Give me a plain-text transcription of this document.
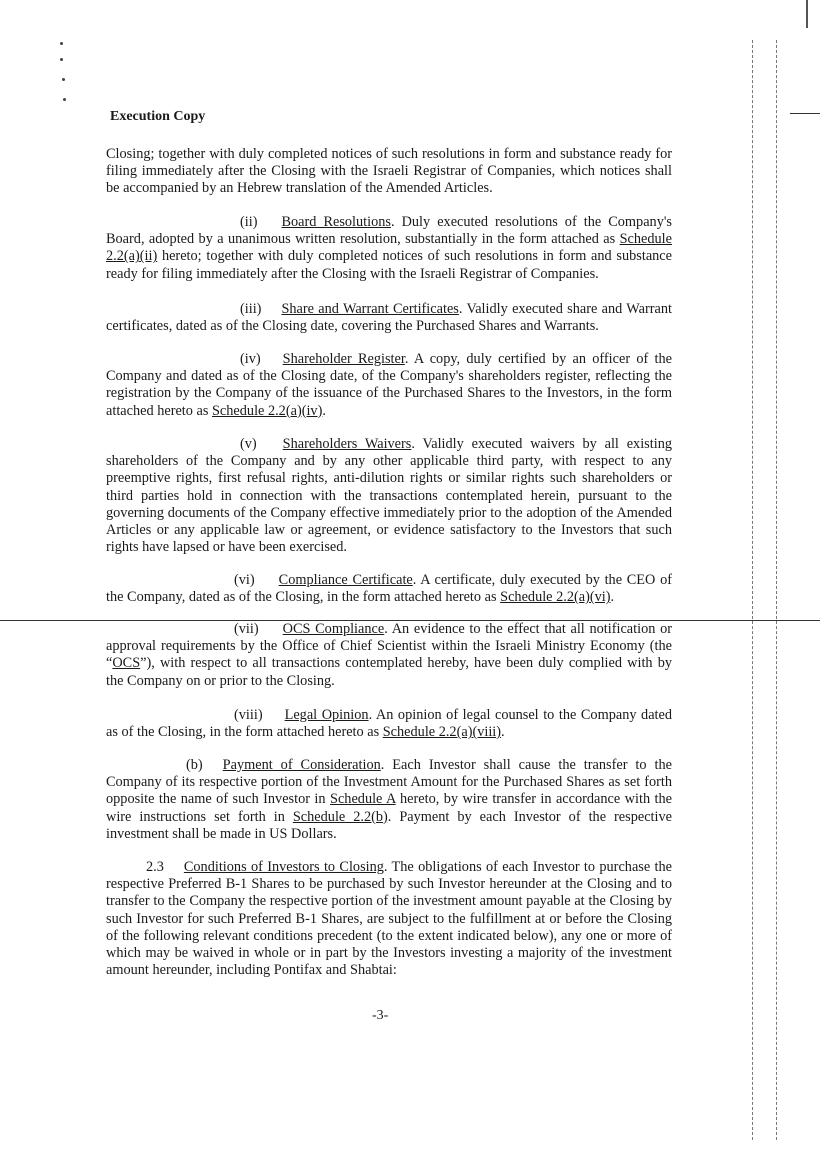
Execution Copy

Closing; together with duly completed notices of such resolutions in form and substance ready for filing immediately after the Closing with the Israeli Registrar of Companies, which notices shall be accompanied by an Hebrew translation of the Amended Articles.

(ii) Board Resolutions. Duly executed resolutions of the Company's Board, adopted by a unanimous written resolution, substantially in the form attached as Schedule 2.2(a)(ii) hereto; together with duly completed notices of such resolutions in form and substance ready for filing immediately after the Closing with the Israeli Registrar of Companies.

(iii) Share and Warrant Certificates. Validly executed share and Warrant certificates, dated as of the Closing date, covering the Purchased Shares and Warrants.

(iv) Shareholder Register. A copy, duly certified by an officer of the Company and dated as of the Closing date, of the Company's shareholders register, reflecting the registration by the Company of the issuance of the Purchased Shares to the Investors, in the form attached hereto as Schedule 2.2(a)(iv).

(v) Shareholders Waivers. Validly executed waivers by all existing shareholders of the Company and by any other applicable third party, with respect to any preemptive rights, first refusal rights, anti-dilution rights or similar rights such shareholders or third parties hold in connection with the transactions contemplated herein, pursuant to the governing documents of the Company effective immediately prior to the adoption of the Amended Articles or any applicable law or agreement, or evidence satisfactory to the Investors that such rights have lapsed or have been exercised.

(vi) Compliance Certificate. A certificate, duly executed by the CEO of the Company, dated as of the Closing, in the form attached hereto as Schedule 2.2(a)(vi).

(vii) OCS Compliance. An evidence to the effect that all notification or approval requirements by the Office of Chief Scientist within the Israeli Ministry Economy (the “OCS”), with respect to all transactions contemplated hereby, have been duly complied with by the Company on or prior to the Closing.

(viii) Legal Opinion. An opinion of legal counsel to the Company dated as of the Closing, in the form attached hereto as Schedule 2.2(a)(viii).

(b) Payment of Consideration. Each Investor shall cause the transfer to the Company of its respective portion of the Investment Amount for the Purchased Shares as set forth opposite the name of such Investor in Schedule A hereto, by wire transfer in accordance with the wire instructions set forth in Schedule 2.2(b). Payment by each Investor of the respective investment shall be made in US Dollars.

2.3 Conditions of Investors to Closing. The obligations of each Investor to purchase the respective Preferred B-1 Shares to be purchased by such Investor hereunder at the Closing and to transfer to the Company the respective portion of the investment amount payable at the Closing by such Investor for such Preferred B-1 Shares, are subject to the fulfillment at or before the Closing of the following relevant conditions precedent (to the extent indicated below), any one or more of which may be waived in whole or in part by the Investors investing a majority of the investment amount hereunder, including Pontifax and Shabtai:

-3-
